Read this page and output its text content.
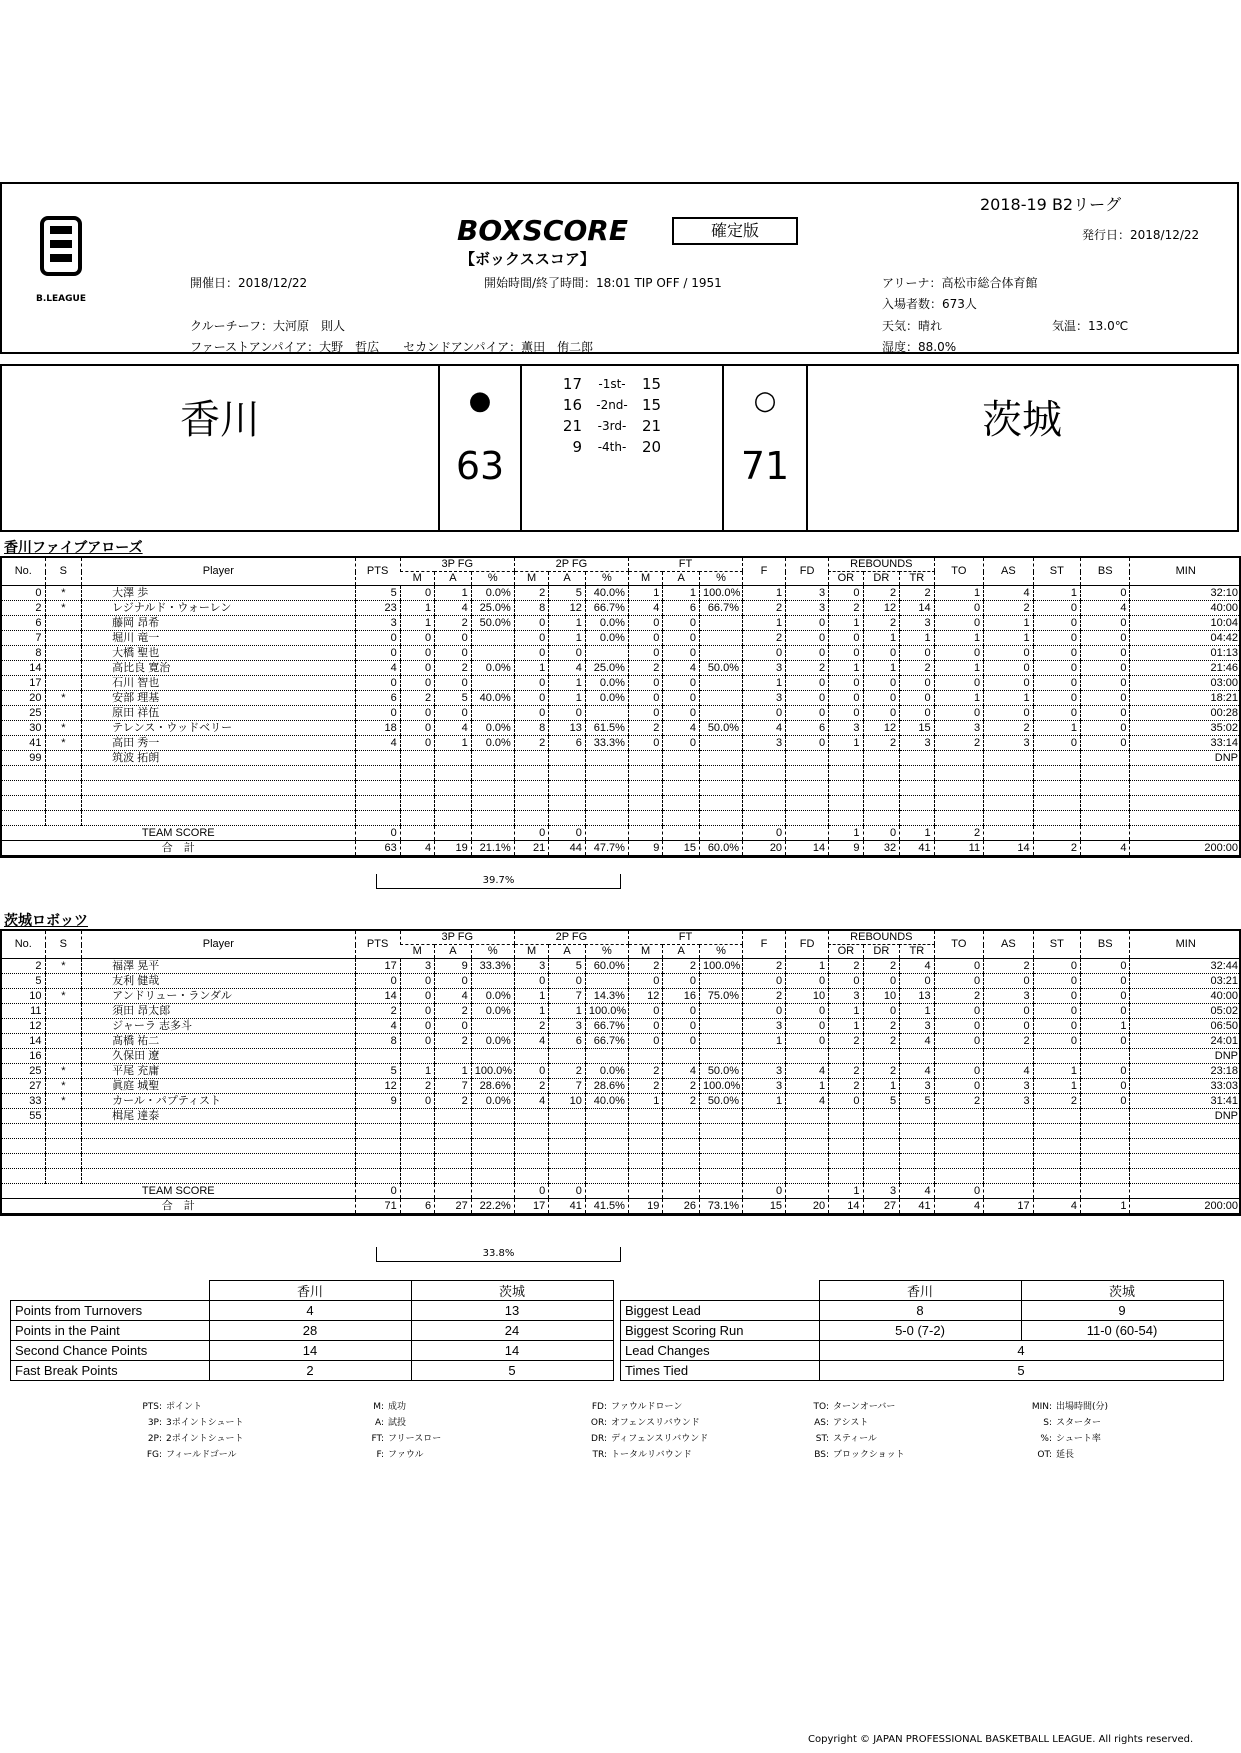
B.LEAGUE
BOXSCORE
【ボックススコア】
確定版
2018-19 B2リーグ
発行日：2018/12/22
開催日：2018/12/22	開始時間/終了時間：18:01 TIP OFF / 1951	アリーナ：高松市総合体育館
入場者数：673人
クルーチーフ：大河原　則人	天気：晴れ	気温：13.0℃
ファーストアンパイア：大野　哲広　　セカンドアンパイア：薫田　侑二郎	湿度：88.0%
香川	●
63
17	-1st-	15
16	-2nd- 15
21	-3rd-	21
9	-4th-	20
○
71
茨城
香川ファイブアローズ
No.	S	Player	PTS	3P FG			2P FG			FT			F	FD	REBOUNDS			TO	AS	ST	BS	MIN
				M	A	%	M	A	%	M	A	%			OR	DR	TR					
0	*	大澤 歩	5	0	1	0.0%	2	5	40.0%	1	1	100.0%	1	3	0	2	2	1	4	1	0	32:10
2	*	レジナルド・ウォーレン	23	1	4	25.0%	8	12	66.7%	4	6	66.7%	2	3	2	12	14	0	2	0	4	40:00
6		藤岡 昂希	3	1	2	50.0%	0	1	0.0%	0	0		1	0	1	2	3	0	1	0	0	10:04
7		堀川 竜一	0	0	0		0	1	0.0%	0	0		2	0	0	1	1	1	1	0	0	04:42
8		大橋 聖也	0	0	0		0	0		0	0		0	0	0	0	0	0	0	0	0	01:13
14		高比良 寛治	4	0	2	0.0%	1	4	25.0%	2	4	50.0%	3	2	1	1	2	1	0	0	0	21:46
17		石川 智也	0	0	0		0	1	0.0%	0	0		1	0	0	0	0	0	0	0	0	03:00
20	*	安部 理基	6	2	5	40.0%	0	1	0.0%	0	0		3	0	0	0	0	1	1	0	0	18:21
25		原田 祥伍	0	0	0		0	0		0	0		0	0	0	0	0	0	0	0	0	00:28
30	*	テレンス・ウッドベリー	18	0	4	0.0%	8	13	61.5%	2	4	50.0%	4	6	3	12	15	3	2	1	0	35:02
41	*	高田 秀一	4	0	1	0.0%	2	6	33.3%	0	0		3	0	1	2	3	2	3	0	0	33:14
99		筑波 拓朗																				DNP

TEAM SCORE			0				0	0					0		1	0	1	2				
合　計			63	4	19	21.1%	21	44	47.7%	9	15	60.0%	20	14	9	32	41	11	14	2	4	200:00
39.7%
茨城ロボッツ
No.	S	Player	PTS	3P FG			2P FG			FT			F	FD	REBOUNDS			TO	AS	ST	BS	MIN
				M	A	%	M	A	%	M	A	%			OR	DR	TR					
2	*	福澤 晃平	17	3	9	33.3%	3	5	60.0%	2	2	100.0%	2	1	2	2	4	0	2	0	0	32:44
5		友利 健哉	0	0	0		0	0		0	0		0	0	0	0	0	0	0	0	0	03:21
10	*	アンドリュー・ランダル	14	0	4	0.0%	1	7	14.3%	12	16	75.0%	2	10	3	10	13	2	3	0	0	40:00
11		須田 昂太郎	2	0	2	0.0%	1	1	100.0%	0	0		0	0	1	0	1	0	0	0	0	05:02
12		ジャーラ 志多斗	4	0	0		2	3	66.7%	0	0		3	0	1	2	3	0	0	0	1	06:50
14		髙橋 祐二	8	0	2	0.0%	4	6	66.7%	0	0		1	0	2	2	4	0	2	0	0	24:01
16		久保田 遼																				DNP
25	*	平尾 充庸	5	1	1	100.0%	0	2	0.0%	2	4	50.0%	3	4	2	2	4	0	4	1	0	23:18
27	*	眞庭 城聖	12	2	7	28.6%	2	7	28.6%	2	2	100.0%	3	1	2	1	3	0	3	1	0	33:03
33	*	カール・パプティスト	9	0	2	0.0%	4	10	40.0%	1	2	50.0%	1	4	0	5	5	2	3	2	0	31:41
55		楫尾 達泰																				DNP

TEAM SCORE			0				0	0					0		1	3	4	0				
合　計			71	6	27	22.2%	17	41	41.5%	19	26	73.1%	15	20	14	27	41	4	17	4	1	200:00
33.8%
	香川	茨城
Points from Turnovers	4	13
Points in the Paint	28	24
Second Chance Points	14	14
Fast Break Points	2	5
	香川	茨城
Biggest Lead	8	9
Biggest Scoring Run	5-0 (7-2)	11-0 (60-54)
Lead Changes	4	
Times Tied	5	
PTS: ポイント
3P: 3ポイントシュート
2P: 2ポイントシュート
FG: フィールドゴール
M: 成功
A: 試投
FT: フリースロー
F: ファウル
FD: ファウルドローン
OR: オフェンスリバウンド
DR: ディフェンスリバウンド
TR: トータルリバウンド
TO: ターンオーバー
AS: アシスト
ST: スティール
BS: ブロックショット
MIN: 出場時間(分)
S: スターター
%: シュート率
OT: 延長
Copyright © JAPAN PROFESSIONAL BASKETBALL LEAGUE. All rights reserved.
